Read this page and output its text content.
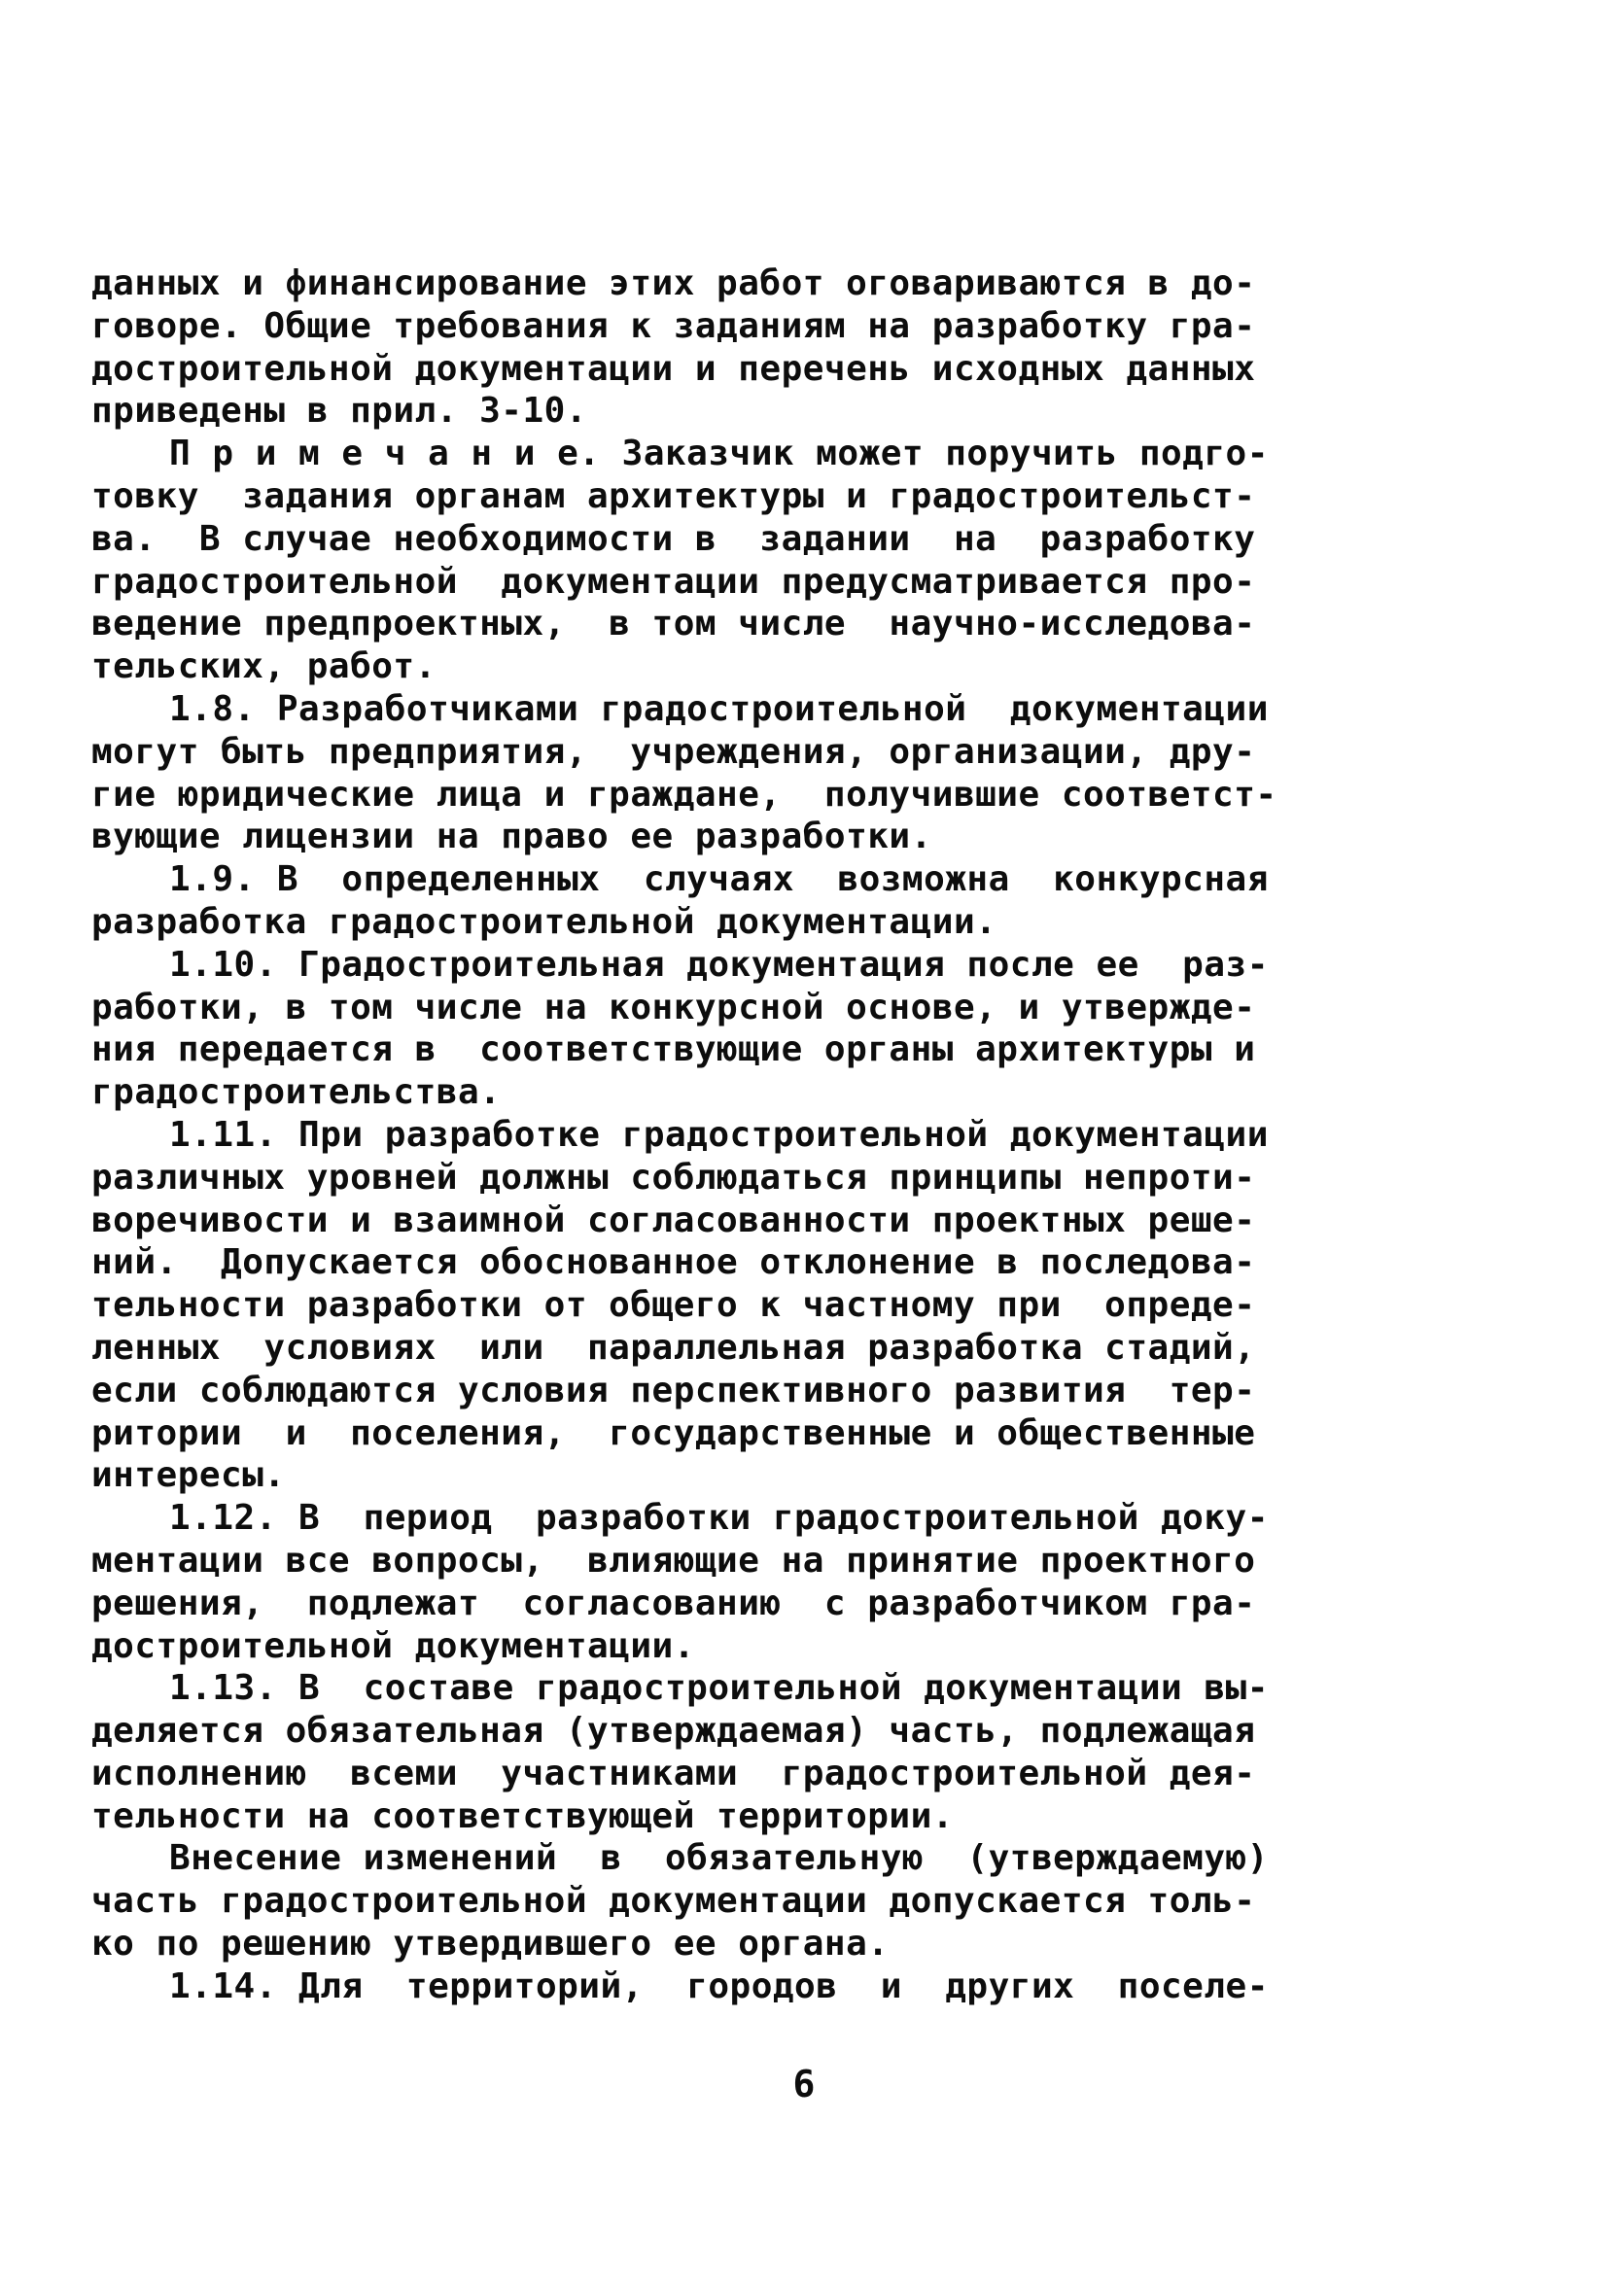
данных и финансирование этих работ оговариваются в до-
говоре. Общие требования к заданиям на разработку гра-
достроительной документации и перечень исходных данных
приведены в прил. 3-10.
П р и м е ч а н и е. Заказчик может поручить подго-
товку  задания органам архитектуры и градостроительст-
ва.  В случае необходимости в  задании  на  разработку
градостроительной  документации предусматривается про-
ведение предпроектных,  в том числе  научно-исследова-
тельских, работ.
1.8. Разработчиками градостроительной  документации
могут быть предприятия,  учреждения, организации, дру-
гие юридические лица и граждане,  получившие соответст-
вующие лицензии на право ее разработки.
1.9. В  определенных  случаях  возможна  конкурсная
разработка градостроительной документации.
1.10. Градостроительная документация после ее  раз-
работки, в том числе на конкурсной основе, и утвержде-
ния передается в  соответствующие органы архитектуры и
градостроительства.
1.11. При разработке градостроительной документации
различных уровней должны соблюдаться принципы непроти-
воречивости и взаимной согласованности проектных реше-
ний.  Допускается обоснованное отклонение в последова-
тельности разработки от общего к частному при  опреде-
ленных  условиях  или  параллельная разработка стадий,
если соблюдаются условия перспективного развития  тер-
ритории  и  поселения,  государственные и общественные
интересы.
1.12. В  период  разработки градостроительной доку-
ментации все вопросы,  влияющие на принятие проектного
решения,  подлежат  согласованию  с разработчиком гра-
достроительной документации.
1.13. В  составе градостроительной документации вы-
деляется обязательная (утверждаемая) часть, подлежащая
исполнению  всеми  участниками  градостроительной дея-
тельности на соответствующей территории.
Внесение изменений  в  обязательную  (утверждаемую)
часть градостроительной документации допускается толь-
ко по решению утвердившего ее органа.
1.14. Для  территорий,  городов  и  других  поселе-
6
